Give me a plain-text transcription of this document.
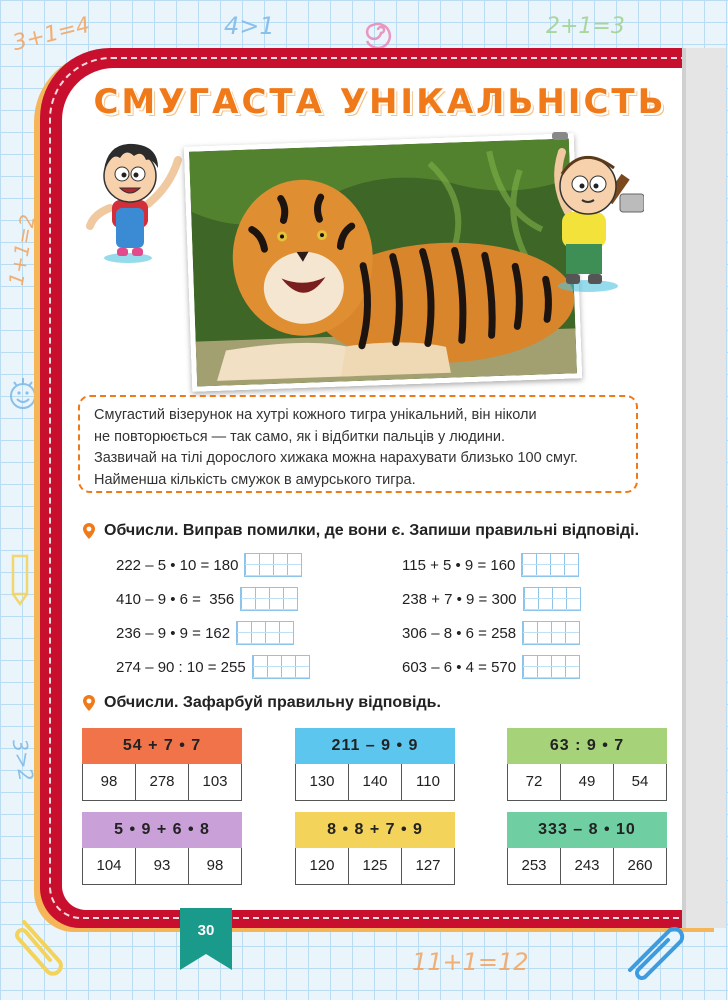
3+1=4	4>1	2+1=3
1+1=2
3>2
11+1=12
СМУГАСТА УНІКАЛЬНІСТЬ

Смугастий візерунок на хутрі кожного тигра унікальний, він ніколи

не повторюється — так само, як і відбитки пальців у людини.

Зазвичай на тілі дорослого хижака можна нарахувати близько 100 смуг.

Найменша кількість смужок в амурського тигра.

Обчисли. Виправ помилки, де вони є. Запиши правильні відповіді.
222 – 5 • 10 = 180
410 – 9 • 6 =  356
236 – 9 • 9 = 162
274 – 90 : 10 = 255
115 + 5 • 9 = 160
238 + 7 • 9 = 300
306 – 8 • 6 = 258
603 – 6 • 4 = 570
Обчисли. Зафарбуй правильну відповідь.
54 + 7 • 7
98	278	103
211 – 9 • 9
130	140	110
63 : 9 • 7
72	49	54
5 • 9 + 6 • 8
104	93	98
8 • 8 + 7 • 9
120	125	127
333 – 8 • 10
253	243	260
30
